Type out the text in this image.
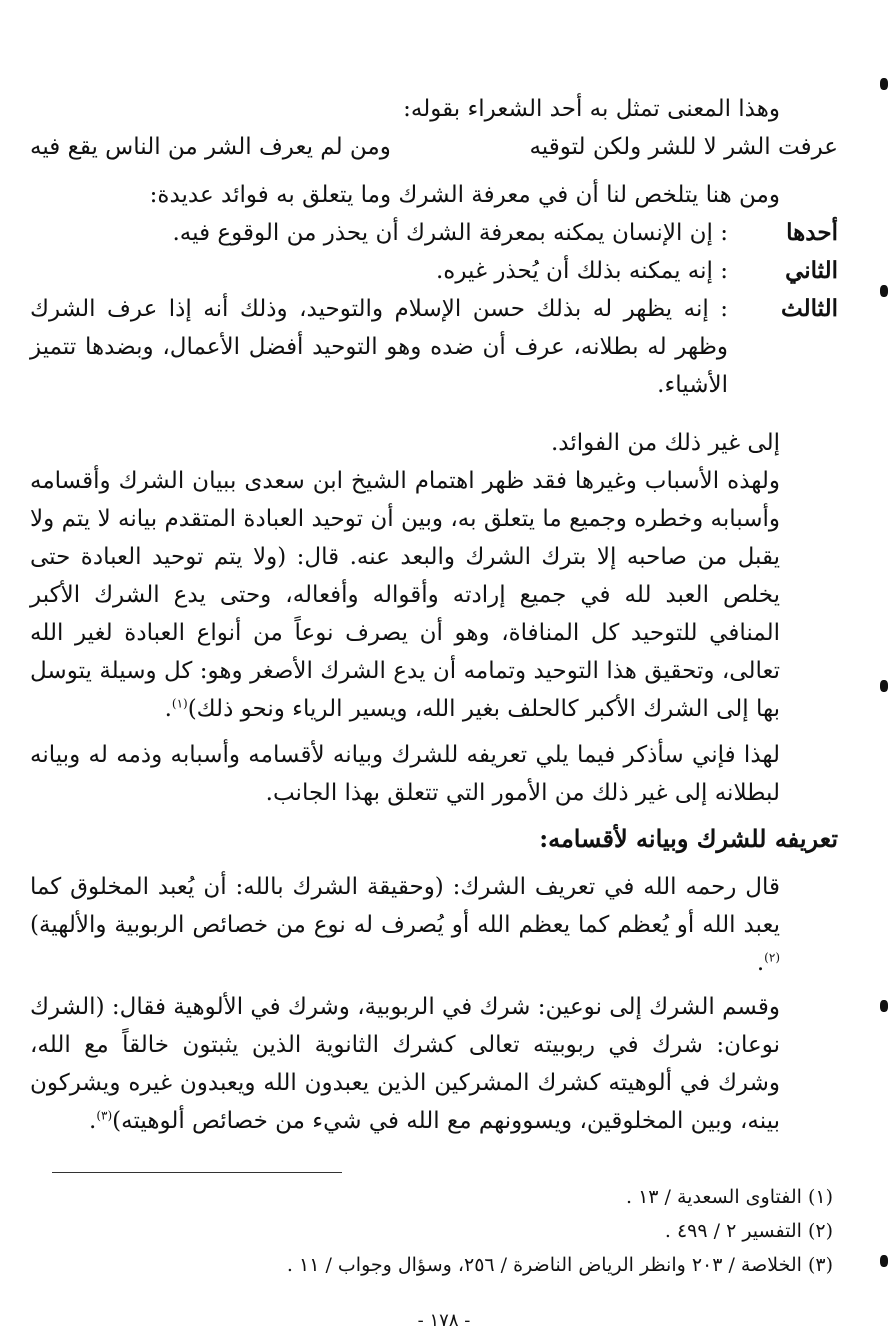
وهذا المعنى تمثل به أحد الشعراء بقوله:

عرفت الشر لا للشر ولكن لتوقيه
ومن لم يعرف الشر من الناس يقع فيه

ومن هنا يتلخص لنا أن في معرفة الشرك وما يتعلق به فوائد عديدة:

أحدها
: إن الإنسان يمكنه بمعرفة الشرك أن يحذر من الوقوع فيه.
الثاني
: إنه يمكنه بذلك أن يُحذر غيره.
الثالث
: إنه يظهر له بذلك حسن الإسلام والتوحيد، وذلك أنه إذا عرف الشرك وظهر له بطلانه، عرف أن ضده وهو التوحيد أفضل الأعمال، وبضدها تتميز الأشياء.

إلى غير ذلك من الفوائد.

ولهذه الأسباب وغيرها فقد ظهر اهتمام الشيخ ابن سعدى ببيان الشرك وأقسامه وأسبابه وخطره وجميع ما يتعلق به، وبين أن توحيد العبادة المتقدم بيانه لا يتم ولا يقبل من صاحبه إلا بترك الشرك والبعد عنه. قال: (ولا يتم توحيد العبادة حتى يخلص العبد لله في جميع إرادته وأقواله وأفعاله، وحتى يدع الشرك الأكبر المنافي للتوحيد كل المنافاة، وهو أن يصرف نوعاً من أنواع العبادة لغير الله تعالى، وتحقيق هذا التوحيد وتمامه أن يدع الشرك الأصغر وهو: كل وسيلة يتوسل بها إلى الشرك الأكبر كالحلف بغير الله، ويسير الرياء ونحو ذلك)$^{(١)}$.

لهذا فإني سأذكر فيما يلي تعريفه للشرك وبيانه لأقسامه وأسبابه وذمه له وبيانه لبطلانه إلى غير ذلك من الأمور التي تتعلق بهذا الجانب.

تعريفه للشرك وبيانه لأقسامه:

قال رحمه الله في تعريف الشرك: (وحقيقة الشرك بالله: أن يُعبد المخلوق كما يعبد الله أو يُعظم كما يعظم الله أو يُصرف له نوع من خصائص الربوبية والألهية)$^{(٢)}$.

وقسم الشرك إلى نوعين: شرك في الربوبية، وشرك في الألوهية فقال: (الشرك نوعان: شرك في ربوبيته تعالى كشرك الثانوية الذين يثبتون خالقاً مع الله، وشرك في ألوهيته كشرك المشركين الذين يعبدون الله ويعبدون غيره ويشركون بينه، وبين المخلوقين، ويسوونهم مع الله في شيء من خصائص ألوهيته)$^{(٣)}$.

(١) الفتاوى السعدية / ١٣ .
(٢) التفسير ٢ / ٤٩٩ .
(٣) الخلاصة / ٢٠٣ وانظر الرياض الناضرة / ٢٥٦، وسؤال وجواب / ١١ .
- ١٧٨ -
